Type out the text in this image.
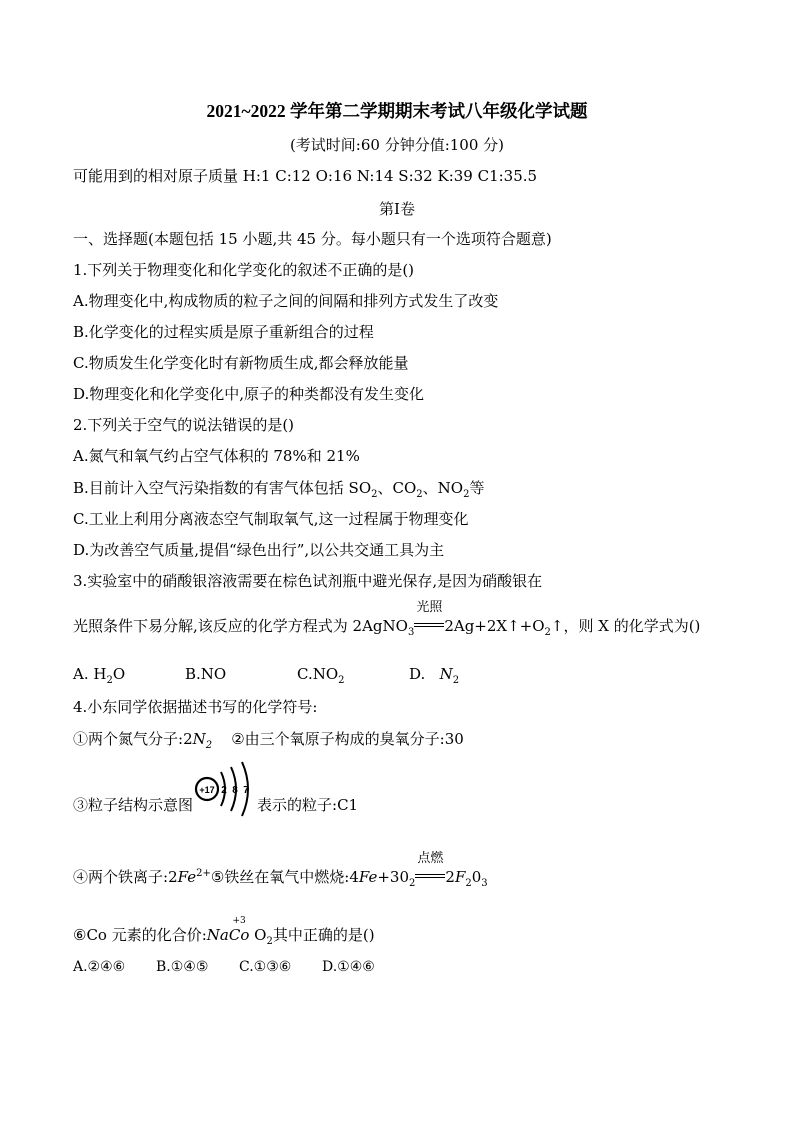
2021~2022 学年第二学期期末考试八年级化学试题
(考试时间:60 分钟分值:100 分)
可能用到的相对原子质量 H:1 C:12 O:16 N:14 S:32 K:39 C1:35.5
第Ⅰ卷
一、选择题(本题包括 15 小题,共 45 分。每小题只有一个选项符合题意)
1.下列关于物理变化和化学变化的叙述不正确的是()
A.物理变化中,构成物质的粒子之间的间隔和排列方式发生了改变
B.化学变化的过程实质是原子重新组合的过程
C.物质发生化学变化时有新物质生成,都会释放能量
D.物理变化和化学变化中,原子的种类都没有发生变化
2.下列关于空气的说法错误的是()
A.氮气和氧气约占空气体积的 78%和 21%
B.目前计入空气污染指数的有害气体包括 $SO_2$、$CO_2$、$NO_2$等
C.工业上利用分离液态空气制取氧气,这一过程属于物理变化
D.为改善空气质量,提倡“绿色出行”,以公共交通工具为主
3.实验室中的硝酸银溶液需要在棕色试剂瓶中避光保存,是因为硝酸银在
光照条件下易分解,该反应的化学方程式为 2AgNO$_3$
光照
$2Ag+2X↑+O_2↑$，则 X 的化学式为()
A. $H_2O$	B.NO	$C.NO_2$	D. $N_2$
4.小东同学依据描述书写的化学符号:
①两个氮气分子$:2N_2$ ②由三个氧原子构成的臭氧分子:30
③粒子结构示意图
+17 2 8 7
表示的粒子:C1
④两个铁离子$:2Fe^{2+}⑤$铁丝在氧气中燃烧$:4Fe+30_2$
点燃
$2F_20_3$
⑥Co 元素的化合价:Na
+3
Co $O_2$其中正确的是()
A.②④⑥ B.①④⑤ C.①③⑥ D.①④⑥
